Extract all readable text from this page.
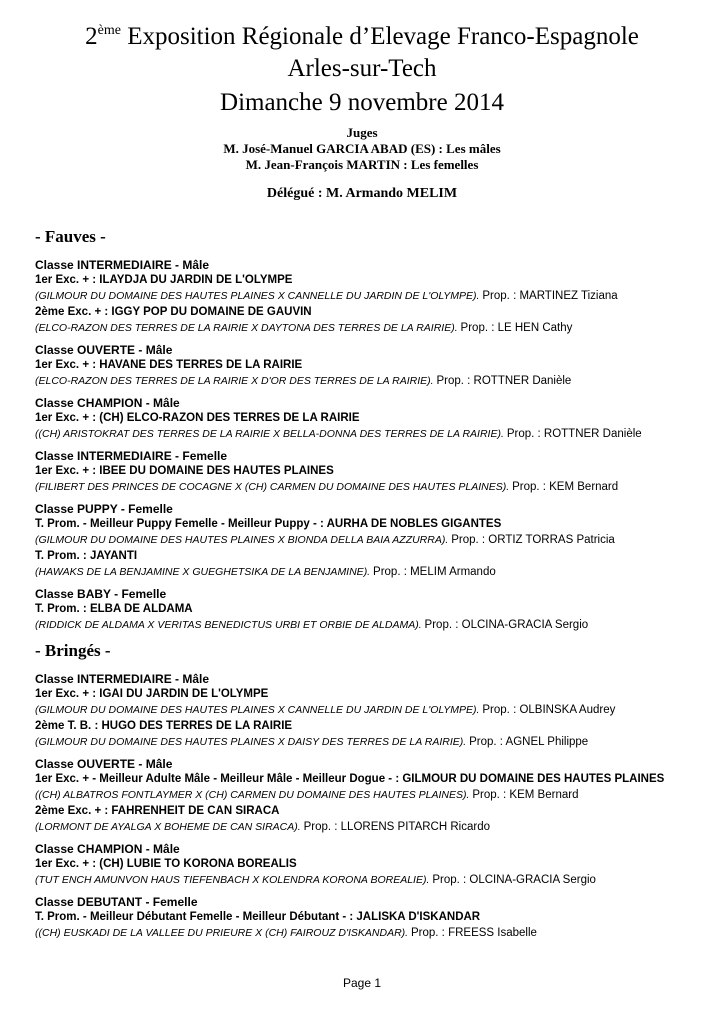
2ème Exposition Régionale d’Elevage Franco-Espagnole
Arles-sur-Tech
Dimanche 9 novembre 2014
Juges
M. José-Manuel GARCIA ABAD (ES) : Les mâles
M. Jean-François MARTIN : Les femelles
Délégué : M. Armando MELIM
- Fauves -
Classe INTERMEDIAIRE - Mâle
1er Exc. + : ILAYDJA DU JARDIN DE L'OLYMPE
(GILMOUR DU DOMAINE DES HAUTES PLAINES X CANNELLE DU JARDIN DE L'OLYMPE). Prop. : MARTINEZ Tiziana
2ème Exc. + : IGGY POP DU DOMAINE DE GAUVIN
(ELCO-RAZON DES TERRES DE LA RAIRIE X DAYTONA DES TERRES DE LA RAIRIE). Prop. : LE HEN Cathy
Classe OUVERTE - Mâle
1er Exc. + : HAVANE DES TERRES DE LA RAIRIE
(ELCO-RAZON DES TERRES DE LA RAIRIE X D'OR DES TERRES DE LA RAIRIE). Prop. : ROTTNER Danièle
Classe CHAMPION - Mâle
1er Exc. + : (CH) ELCO-RAZON DES TERRES DE LA RAIRIE
((CH) ARISTOKRAT DES TERRES DE LA RAIRIE X BELLA-DONNA DES TERRES DE LA RAIRIE). Prop. : ROTTNER Danièle
Classe INTERMEDIAIRE - Femelle
1er Exc. + : IBEE DU DOMAINE DES HAUTES PLAINES
(FILIBERT DES PRINCES DE COCAGNE X (CH) CARMEN DU DOMAINE DES HAUTES PLAINES). Prop. : KEM Bernard
Classe PUPPY - Femelle
T. Prom. - Meilleur Puppy Femelle - Meilleur Puppy - : AURHA DE NOBLES GIGANTES
(GILMOUR DU DOMAINE DES HAUTES PLAINES X BIONDA DELLA BAIA AZZURRA). Prop. : ORTIZ TORRAS Patricia
T. Prom. : JAYANTI
(HAWAKS DE LA BENJAMINE X GUEGHETSIKA DE LA BENJAMINE). Prop. : MELIM Armando
Classe BABY - Femelle
T. Prom. : ELBA DE ALDAMA
(RIDDICK DE ALDAMA X VERITAS BENEDICTUS URBI ET ORBIE DE ALDAMA). Prop. : OLCINA-GRACIA Sergio
- Bringés -
Classe INTERMEDIAIRE - Mâle
1er Exc. + : IGAI DU JARDIN DE L'OLYMPE
(GILMOUR DU DOMAINE DES HAUTES PLAINES X CANNELLE DU JARDIN DE L'OLYMPE). Prop. : OLBINSKA Audrey
2ème T. B. : HUGO DES TERRES DE LA RAIRIE
(GILMOUR DU DOMAINE DES HAUTES PLAINES X DAISY DES TERRES DE LA RAIRIE). Prop. : AGNEL Philippe
Classe OUVERTE - Mâle
1er Exc. + - Meilleur Adulte Mâle - Meilleur Mâle - Meilleur Dogue - : GILMOUR DU DOMAINE DES HAUTES PLAINES
((CH) ALBATROS FONTLAYMER X (CH) CARMEN DU DOMAINE DES HAUTES PLAINES). Prop. : KEM Bernard
2ème Exc. + : FAHRENHEIT DE CAN SIRACA
(LORMONT DE AYALGA X BOHEME DE CAN SIRACA). Prop. : LLORENS PITARCH Ricardo
Classe CHAMPION - Mâle
1er Exc. + : (CH) LUBIE TO KORONA BOREALIS
(TUT ENCH AMUNVON HAUS TIEFENBACH X KOLENDRA KORONA BOREALIE). Prop. : OLCINA-GRACIA Sergio
Classe DEBUTANT - Femelle
T. Prom. - Meilleur Débutant Femelle - Meilleur Débutant - : JALISKA D'ISKANDAR
((CH) EUSKADI DE LA VALLEE DU PRIEURE X (CH) FAIROUZ D'ISKANDAR). Prop. : FREESS Isabelle
Page 1
